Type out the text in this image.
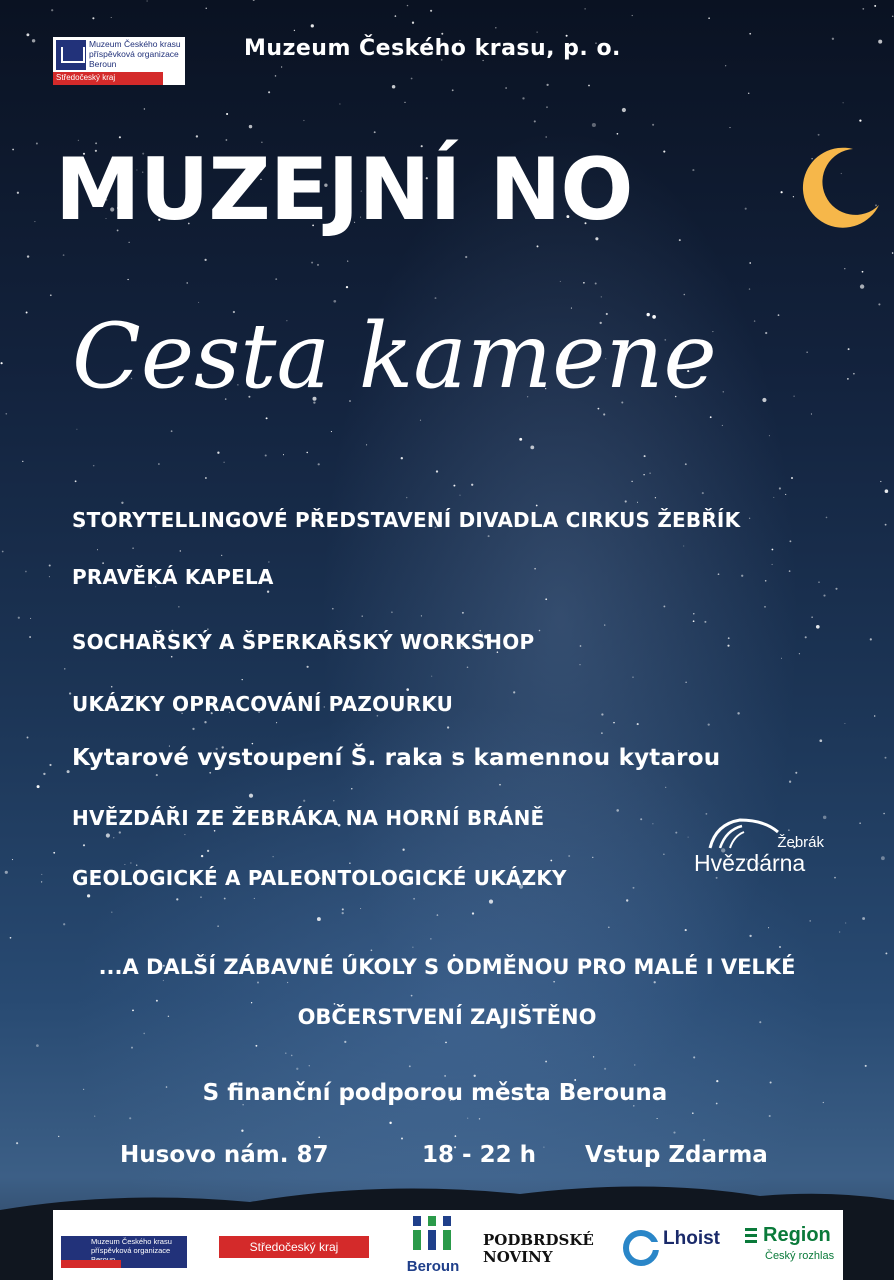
Muzeum Českého krasu
příspěvková organizace
Beroun
Středočeský kraj
Muzeum Českého krasu, p. o.
MUZEJNÍ NO
Cesta kamene
STORYTELLINGOVÉ PŘEDSTAVENÍ DIVADLA CIRKUS ŽEBŘÍK
PRAVĚKÁ KAPELA
SOCHAŘSKÝ A ŠPERKAŘSKÝ WORKSHOP
UKÁZKY OPRACOVÁNÍ PAZOURKU
Kytarové vystoupení Š. raka s kamennou kytarou
HVĚZDÁŘI ZE ŽEBRÁKA NA HORNÍ BRÁNĚ
GEOLOGICKÉ A PALEONTOLOGICKÉ UKÁZKY
Žebrák
Hvězdárna
...A DALŠÍ ZÁBAVNÉ ÚKOLY S ODMĚNOU PRO MALÉ I VELKÉ
OBČERSTVENÍ ZAJIŠTĚNO
S finanční podporou města Berouna
Husovo nám. 87	18 - 22 h Vstup Zdarma
Muzeum Českého krasu
příspěvková organizace	Středočeský kraj
Beroun
PODBRDSKÉ
NOVINY
Lhoist Region
Český rozhlas
